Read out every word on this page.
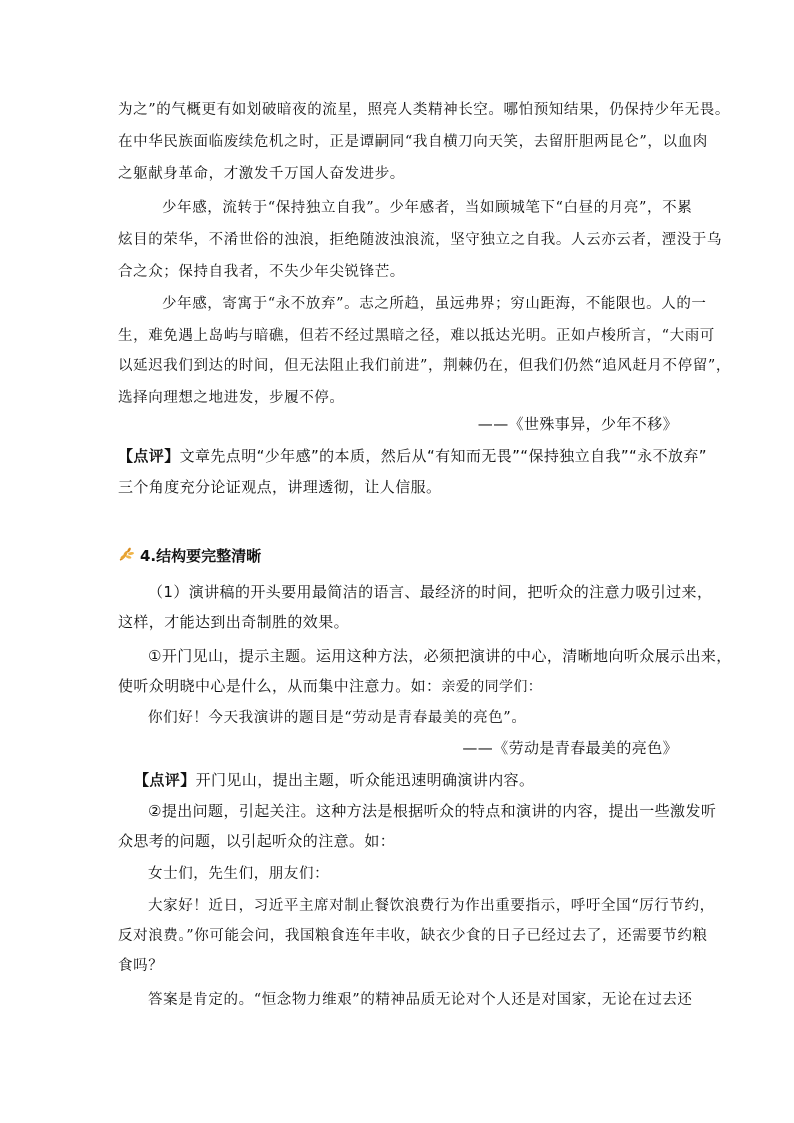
为之”的气概更有如划破暗夜的流星，照亮人类精神长空。哪怕预知结果，仍保持少年无畏。
在中华民族面临废续危机之时，正是谭嗣同“我自横刀向天笑，去留肝胆两昆仑”，以血肉
之躯献身革命，才激发千万国人奋发进步。
少年感，流转于“保持独立自我”。少年感者，当如顾城笔下“白昼的月亮”，不累
炫目的荣华，不淆世俗的浊浪，拒绝随波浊浪流，坚守独立之自我。人云亦云者，湮没于乌
合之众；保持自我者，不失少年尖锐锋芒。
少年感，寄寓于“永不放弃”。志之所趋，虽远弗界；穷山距海，不能限也。人的一
生，难免遇上岛屿与暗礁，但若不经过黑暗之径，难以抵达光明。正如卢梭所言，“大雨可
以延迟我们到达的时间，但无法阻止我们前进”，荆棘仍在，但我们仍然“追风赶月不停留”，
选择向理想之地进发，步履不停。
——《世殊事异，少年不移》
【点评】文章先点明“少年感”的本质，然后从“有知而无畏”“保持独立自我”“永不放弃”
三个角度充分论证观点，讲理透彻，让人信服。
4.结构要完整清晰
（1）演讲稿的开头要用最简洁的语言、最经济的时间，把听众的注意力吸引过来，
这样，才能达到出奇制胜的效果。
①开门见山，提示主题。运用这种方法，必须把演讲的中心，清晰地向听众展示出来，
使听众明晓中心是什么，从而集中注意力。如：亲爱的同学们：
你们好！今天我演讲的题目是“劳动是青春最美的亮色”。
——《劳动是青春最美的亮色》
【点评】开门见山，提出主题，听众能迅速明确演讲内容。
②提出问题，引起关注。这种方法是根据听众的特点和演讲的内容，提出一些激发听
众思考的问题，以引起听众的注意。如：
女士们，先生们，朋友们：
大家好！近日，习近平主席对制止餐饮浪费行为作出重要指示，呼吁全国“厉行节约，
反对浪费。”你可能会问，我国粮食连年丰收，缺衣少食的日子已经过去了，还需要节约粮
食吗？
答案是肯定的。“恒念物力维艰”的精神品质无论对个人还是对国家，无论在过去还
